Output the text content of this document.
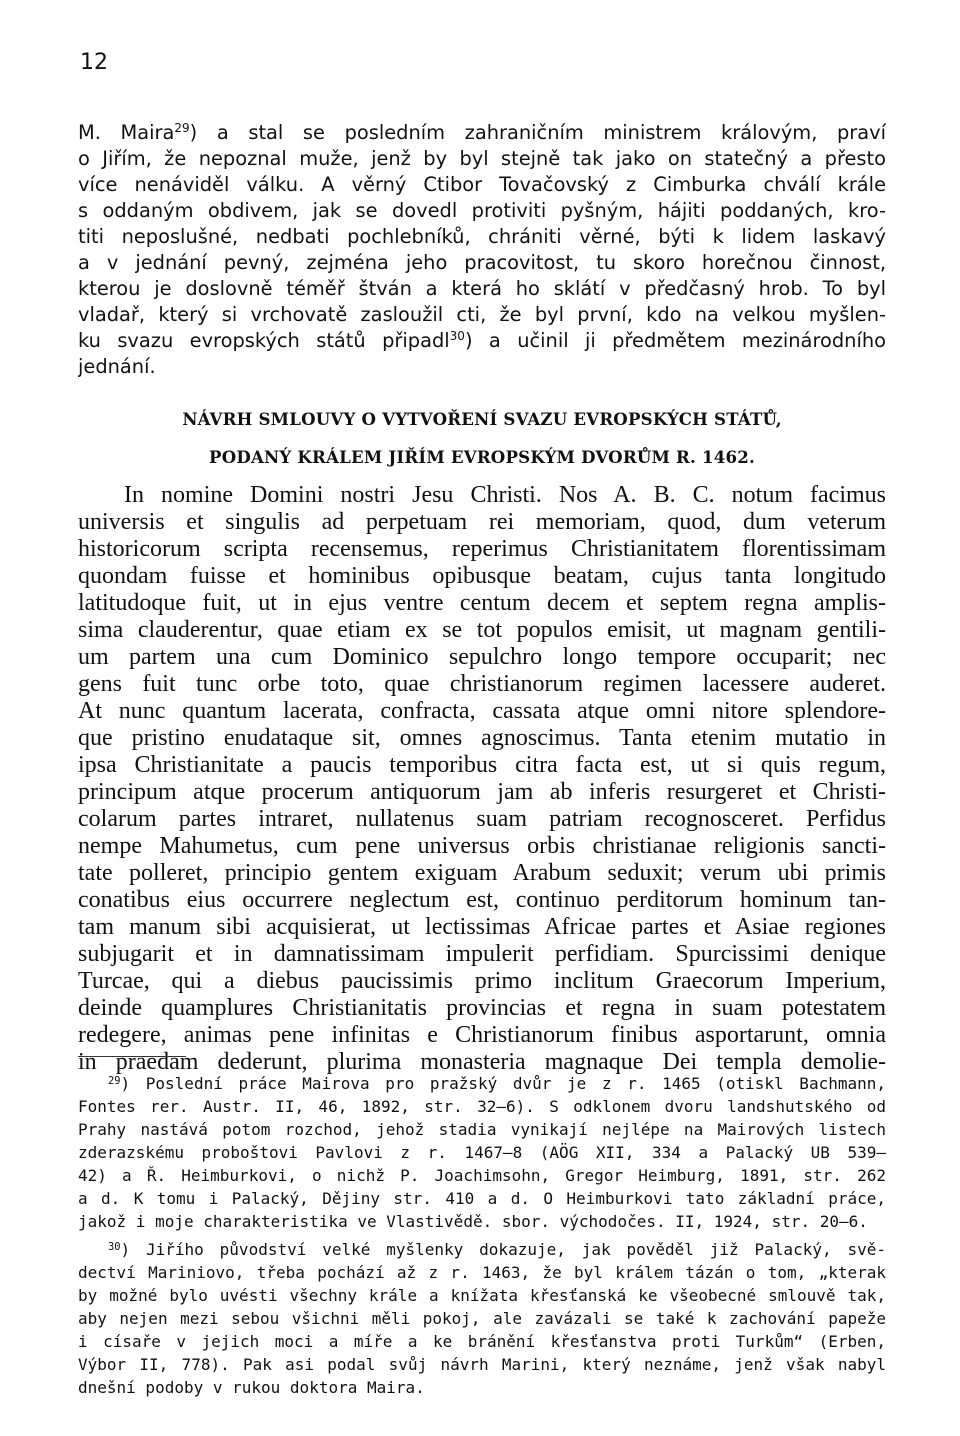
12
M. Maira$^{29}$) a stal se posledním zahraničním ministrem královým, praví
o Jiřím, že nepoznal muže, jenž by byl stejně tak jako on statečný a přesto
více nenáviděl válku. A věrný Ctibor Tovačovský z Cimburka chválí krále
s oddaným obdivem, jak se dovedl protiviti pyšným, hájiti poddaných, kro-
titi neposlušné, nedbati pochlebníků, chrániti věrné, býti k lidem laskavý
a v jednání pevný, zejména jeho pracovitost, tu skoro horečnou činnost,
kterou je doslovně téměř štván a která ho sklátí v předčasný hrob. To byl
vladař, který si vrchovatě zasloužil cti, že byl první, kdo na velkou myšlen-
ku svazu evropských států připadl$^{30}$) a učinil ji předmětem mezinárodního
jednání.
NÁVRH SMLOUVY O VYTVOŘENÍ SVAZU EVROPSKÝCH STÁTŮ,
PODANÝ KRÁLEM JIŘÍM EVROPSKÝM DVORŮM R. 1462.
In nomine Domini nostri Jesu Christi. Nos A. B. C. notum facimus
universis et singulis ad perpetuam rei memoriam, quod, dum veterum
historicorum scripta recensemus, reperimus Christianitatem florentissimam
quondam fuisse et hominibus opibusque beatam, cujus tanta longitudo
latitudoque fuit, ut in ejus ventre centum decem et septem regna amplis-
sima clauderentur, quae etiam ex se tot populos emisit, ut magnam gentili-
um partem una cum Dominico sepulchro longo tempore occuparit; nec
gens fuit tunc orbe toto, quae christianorum regimen lacessere auderet.
At nunc quantum lacerata, confracta, cassata atque omni nitore splendore-
que pristino enudataque sit, omnes agnoscimus. Tanta etenim mutatio in
ipsa Christianitate a paucis temporibus citra facta est, ut si quis regum,
principum atque procerum antiquorum jam ab inferis resurgeret et Christi-
colarum partes intraret, nullatenus suam patriam recognosceret. Perfidus
nempe Mahumetus, cum pene universus orbis christianae religionis sancti-
tate polleret, principio gentem exiguam Arabum seduxit; verum ubi primis
conatibus eius occurrere neglectum est, continuo perditorum hominum tan-
tam manum sibi acquisierat, ut lectissimas Africae partes et Asiae regiones
subjugarit et in damnatissimam impulerit perfidiam. Spurcissimi denique
Turcae, qui a diebus paucissimis primo inclitum Graecorum Imperium,
deinde quamplures Christianitatis provincias et regna in suam potestatem
redegere, animas pene infinitas e Christianorum finibus asportarunt, omnia
in praedam dederunt, plurima monasteria magnaque Dei templa demolie-
$^{29}$) Poslední práce Mairova pro pražský dvůr je z r. 1465 (otiskl Bachmann,
Fontes rer. Austr. II, 46, 1892, str. 32—6). S odklonem dvoru landshutského od
Prahy nastává potom rozchod, jehož stadia vynikají nejlépe na Mairových listech
zderazskému proboštovi Pavlovi z r. 1467—8 (AÖG XII, 334 a Palacký UB 539—
42) a Ř. Heimburkovi, o nichž P. Joachimsohn, Gregor Heimburg, 1891, str. 262
a d. K tomu i Palacký, Dějiny str. 410 a d. O Heimburkovi tato základní práce,
jakož i moje charakteristika ve Vlastivědě. sbor. východočes. II, 1924, str. 20—6.
$^{30}$) Jiřího původství velké myšlenky dokazuje, jak pověděl již Palacký, svě-
dectví Mariniovo, třeba pochází až z r. 1463, že byl králem tázán o tom, „kterak
by možné bylo uvésti všechny krále a knížata křesťanská ke všeobecné smlouvě tak,
aby nejen mezi sebou všichni měli pokoj, ale zavázali se také k zachování papeže
i císaře v jejich moci a míře a ke bránění křesťanstva proti Turkům“ (Erben,
Výbor II, 778). Pak asi podal svůj návrh Marini, který neznáme, jenž však nabyl
dnešní podoby v rukou doktora Maira.
